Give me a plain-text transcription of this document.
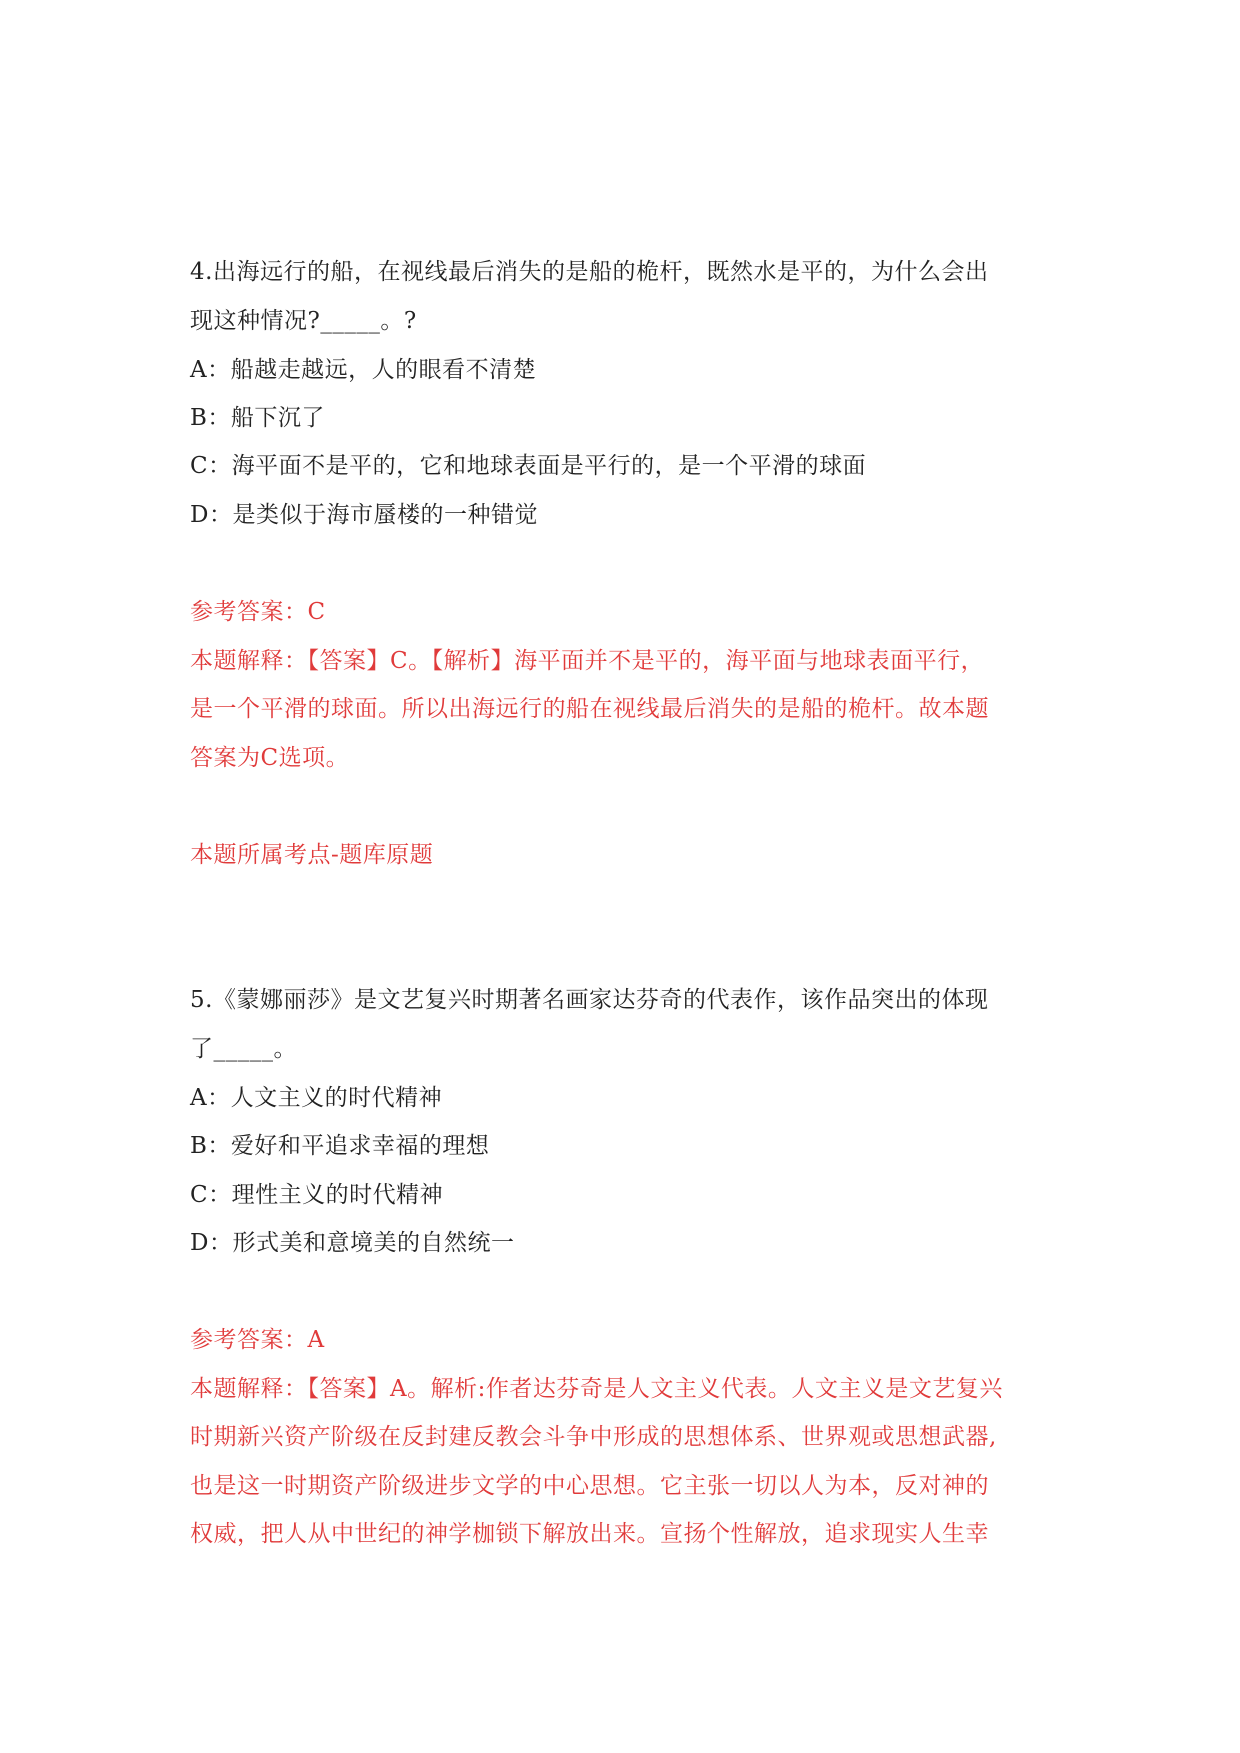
4.出海远行的船，在视线最后消失的是船的桅杆，既然水是平的，为什么会出
现这种情况?_____。?
A：船越走越远，人的眼看不清楚
B：船下沉了
C：海平面不是平的，它和地球表面是平行的，是一个平滑的球面
D：是类似于海市蜃楼的一种错觉
参考答案：C
本题解释：【答案】C。【解析】海平面并不是平的，海平面与地球表面平行，
是一个平滑的球面。所以出海远行的船在视线最后消失的是船的桅杆。故本题
答案为C选项。
本题所属考点-题库原题
5.《蒙娜丽莎》是文艺复兴时期著名画家达芬奇的代表作，该作品突出的体现
了_____。
A：人文主义的时代精神
B：爱好和平追求幸福的理想
C：理性主义的时代精神
D：形式美和意境美的自然统一
参考答案：A
本题解释：【答案】A。解析:作者达芬奇是人文主义代表。人文主义是文艺复兴
时期新兴资产阶级在反封建反教会斗争中形成的思想体系、世界观或思想武器,
也是这一时期资产阶级进步文学的中心思想。它主张一切以人为本，反对神的
权威，把人从中世纪的神学枷锁下解放出来。宣扬个性解放，追求现实人生幸
